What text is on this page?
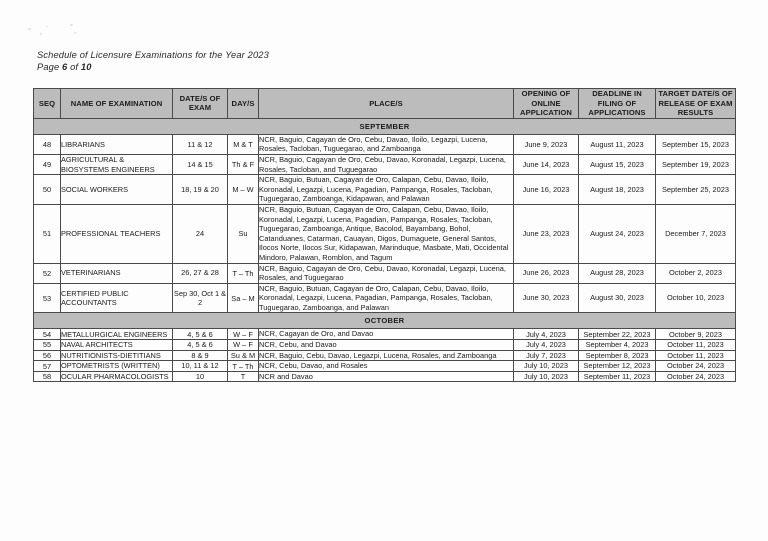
Schedule of Licensure Examinations for the Year 2023
Page 6 of 10
SEQ	NAME OF EXAMINATION	DATE/S OF EXAM	DAY/S	PLACE/S	OPENING OF ONLINE APPLICATION	DEADLINE IN FILING OF APPLICATIONS	TARGET DATE/S OF RELEASE OF EXAM RESULTS
SEPTEMBER							
48	LIBRARIANS	11 & 12	M & T	NCR, Baguio, Cagayan de Oro, Cebu, Davao, Iloilo, Legazpi, Lucena, Rosales, Tacloban, Tuguegarao, and Zamboanga	June 9, 2023	August 11, 2023	September 15, 2023
49	AGRICULTURAL & BIOSYSTEMS ENGINEERS	14 & 15	Th & F	NCR, Baguio, Cagayan de Oro, Cebu, Davao, Koronadal, Legazpi, Lucena, Rosales, Tacloban, and Tuguegarao	June 14, 2023	August 15, 2023	September 19, 2023
50	SOCIAL WORKERS	18, 19 & 20	M – W	NCR, Baguio, Butuan, Cagayan de Oro, Calapan, Cebu, Davao, Iloilo, Koronadal, Legazpi, Lucena, Pagadian, Pampanga, Rosales, Tacloban, Tuguegarao, Zamboanga, Kidapawan, and Palawan	June 16, 2023	August 18, 2023	September 25, 2023
51	PROFESSIONAL TEACHERS	24	Su	NCR, Baguio, Butuan, Cagayan de Oro, Calapan, Cebu, Davao, Iloilo, Koronadal, Legazpi, Lucena, Pagadian, Pampanga, Rosales, Tacloban, Tuguegarao, Zamboanga, Antique, Bacolod, Bayambang, Bohol, Catanduanes, Catarman, Cauayan, Digos, Dumaguete, General Santos, Ilocos Norte, Ilocos Sur, Kidapawan, Marinduque, Masbate, Mati, Occidental Mindoro, Palawan, Romblon, and Tagum	June 23, 2023	August 24, 2023	December 7, 2023
52	VETERINARIANS	26, 27 & 28	T – Th	NCR, Baguio, Cagayan de Oro, Cebu, Davao, Koronadal, Legazpi, Lucena, Rosales, and Tuguegarao	June 26, 2023	August 28, 2023	October 2, 2023
53	CERTIFIED PUBLIC ACCOUNTANTS	Sep 30, Oct 1 & 2	Sa – M	NCR, Baguio, Butuan, Cagayan de Oro, Calapan, Cebu, Davao, Iloilo, Koronadal, Legazpi, Lucena, Pagadian, Pampanga, Rosales, Tacloban, Tuguegarao, Zamboanga, and Palawan	June 30, 2023	August 30, 2023	October 10, 2023
OCTOBER							
54	METALLURGICAL ENGINEERS	4, 5 & 6	W – F	NCR, Cagayan de Oro, and Davao	July 4, 2023	September 22, 2023	October 9, 2023
55	NAVAL ARCHITECTS	4, 5 & 6	W – F	NCR, Cebu, and Davao	July 4, 2023	September 4, 2023	October 11, 2023
56	NUTRITIONISTS-DIETITIANS	8 & 9	Su & M	NCR, Baguio, Cebu, Davao, Legazpi, Lucena, Rosales, and Zamboanga	July 7, 2023	September 8, 2023	October 11, 2023
57	OPTOMETRISTS (WRITTEN)	10, 11 & 12	T – Th	NCR, Cebu, Davao, and Rosales	July 10, 2023	September 12, 2023	October 24, 2023
58	OCULAR PHARMACOLOGISTS	10	T	NCR and Davao	July 10, 2023	September 11, 2023	October 24, 2023
